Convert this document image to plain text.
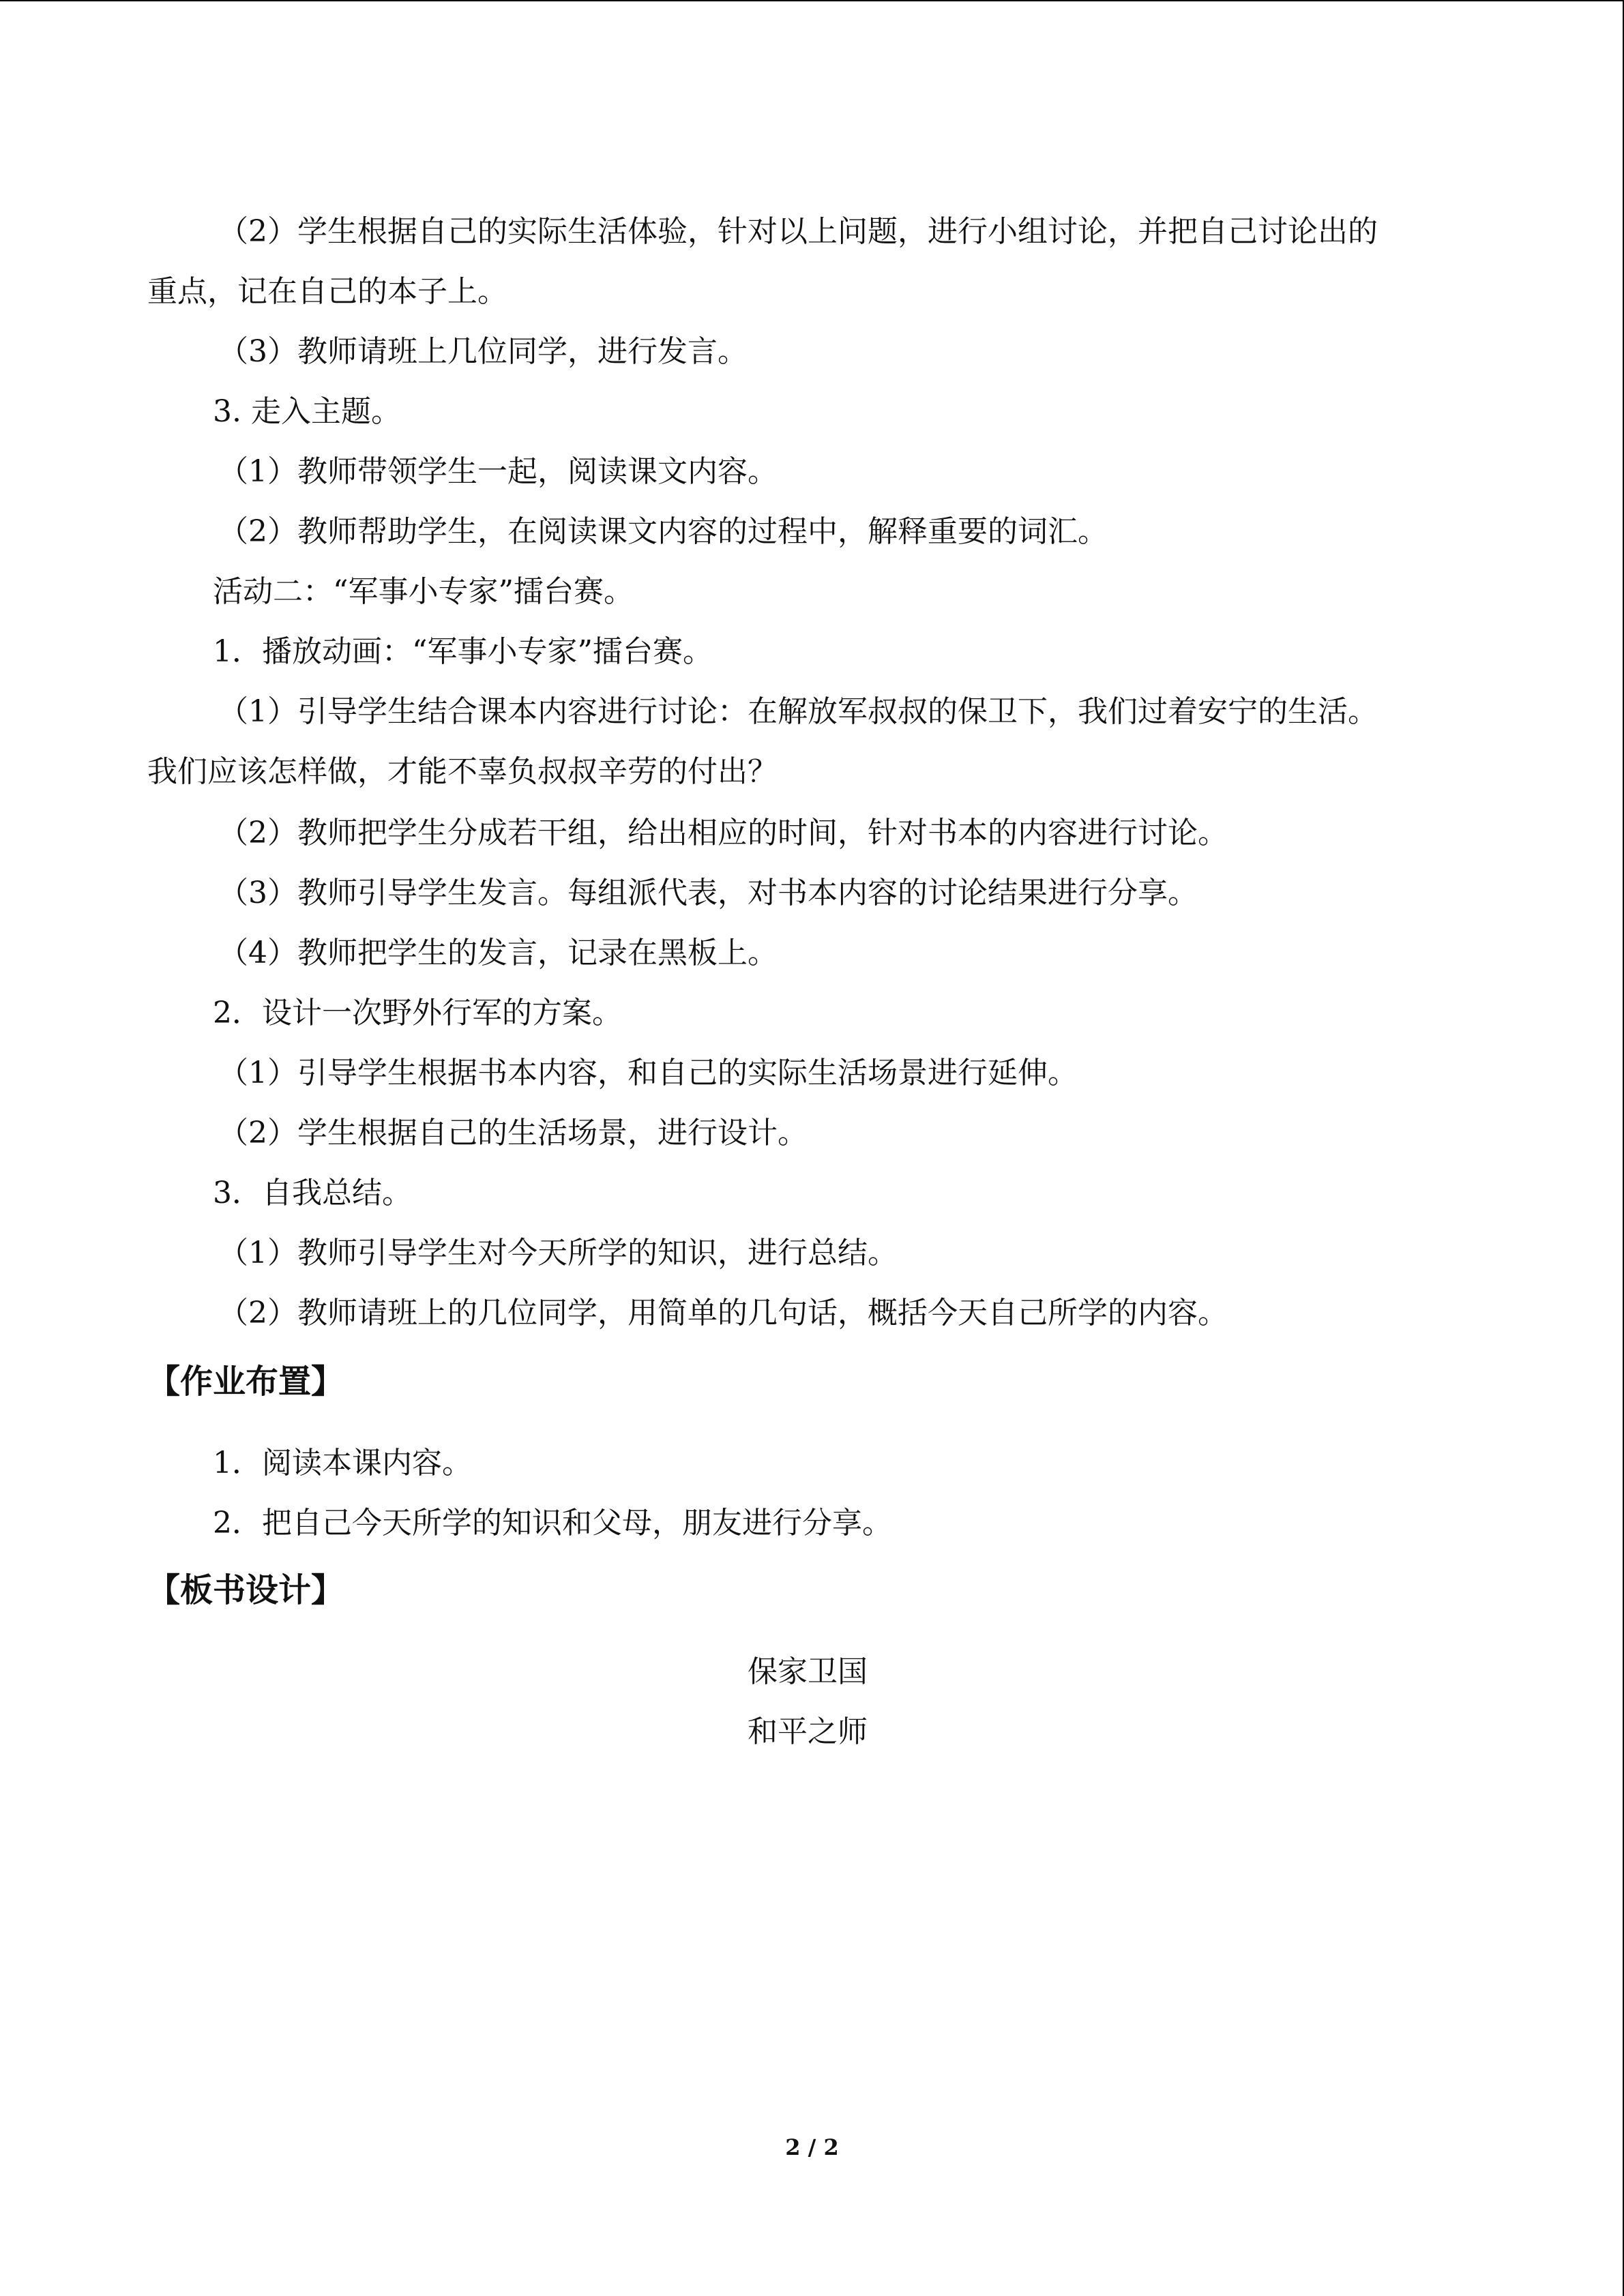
（2）学生根据自己的实际生活体验，针对以上问题，进行小组讨论，并把自己讨论出的
重点，记在自己的本子上。
（3）教师请班上几位同学，进行发言。
3. 走入主题。
（1）教师带领学生一起，阅读课文内容。
（2）教师帮助学生，在阅读课文内容的过程中，解释重要的词汇。
活动二：“军事小专家”擂台赛。
1．播放动画：“军事小专家”擂台赛。
（1）引导学生结合课本内容进行讨论：在解放军叔叔的保卫下，我们过着安宁的生活。
我们应该怎样做，才能不辜负叔叔辛劳的付出？
（2）教师把学生分成若干组，给出相应的时间，针对书本的内容进行讨论。
（3）教师引导学生发言。每组派代表，对书本内容的讨论结果进行分享。
（4）教师把学生的发言，记录在黑板上。
2．设计一次野外行军的方案。
（1）引导学生根据书本内容，和自己的实际生活场景进行延伸。
（2）学生根据自己的生活场景，进行设计。
3．自我总结。
（1）教师引导学生对今天所学的知识，进行总结。
（2）教师请班上的几位同学，用简单的几句话，概括今天自己所学的内容。
【作业布置】
1．阅读本课内容。
2．把自己今天所学的知识和父母，朋友进行分享。
【板书设计】
保家卫国
和平之师
2 / 2
